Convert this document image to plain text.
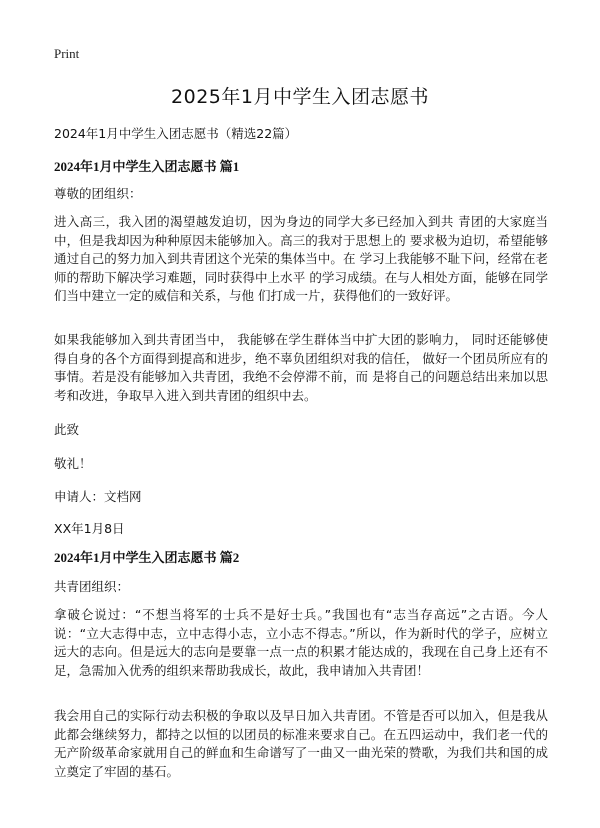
Print
2025年1月中学生入团志愿书
2024年1月中学生入团志愿书（精选22篇）
2024年1月中学生入团志愿书 篇1
尊敬的团组织：
进入高三，我入团的渴望越发迫切，因为身边的同学大多已经加入到共 青团的大家庭当中，但是我却因为种种原因未能够加入。高三的我对于思想上的 要求极为迫切，希望能够通过自己的努力加入到共青团这个光荣的集体当中。在 学习上我能够不耻下问，经常在老师的帮助下解决学习难题，同时获得中上水平 的学习成绩。在与人相处方面，能够在同学们当中建立一定的威信和关系，与他 们打成一片，获得他们的一致好评。
如果我能够加入到共青团当中， 我能够在学生群体当中扩大团的影响力， 同时还能够使得自身的各个方面得到提高和进步，绝不辜负团组织对我的信任， 做好一个团员所应有的事情。若是没有能够加入共青团，我绝不会停滞不前，而 是将自己的问题总结出来加以思考和改进，争取早入进入到共青团的组织中去。
此致
敬礼！
申请人：文档网
XX年1月8日
2024年1月中学生入团志愿书 篇2
共青团组织：
拿破仑说过：“不想当将军的士兵不是好士兵。”我国也有“志当存高远”之古语。今人说：“立大志得中志，立中志得小志，立小志不得志。”所以，作为新时代的学子，应树立远大的志向。但是远大的志向是要靠一点一点的积累才能达成的，我现在自己身上还有不足，急需加入优秀的组织来帮助我成长，故此，我申请加入共青团！
我会用自己的实际行动去积极的争取以及早日加入共青团。不管是否可以加入，但是我从此都会继续努力，都持之以恒的以团员的标准来要求自己。在五四运动中，我们老一代的无产阶级革命家就用自己的鲜血和生命谱写了一曲又一曲光荣的赞歌，为我们共和国的成立奠定了牢固的基石。
